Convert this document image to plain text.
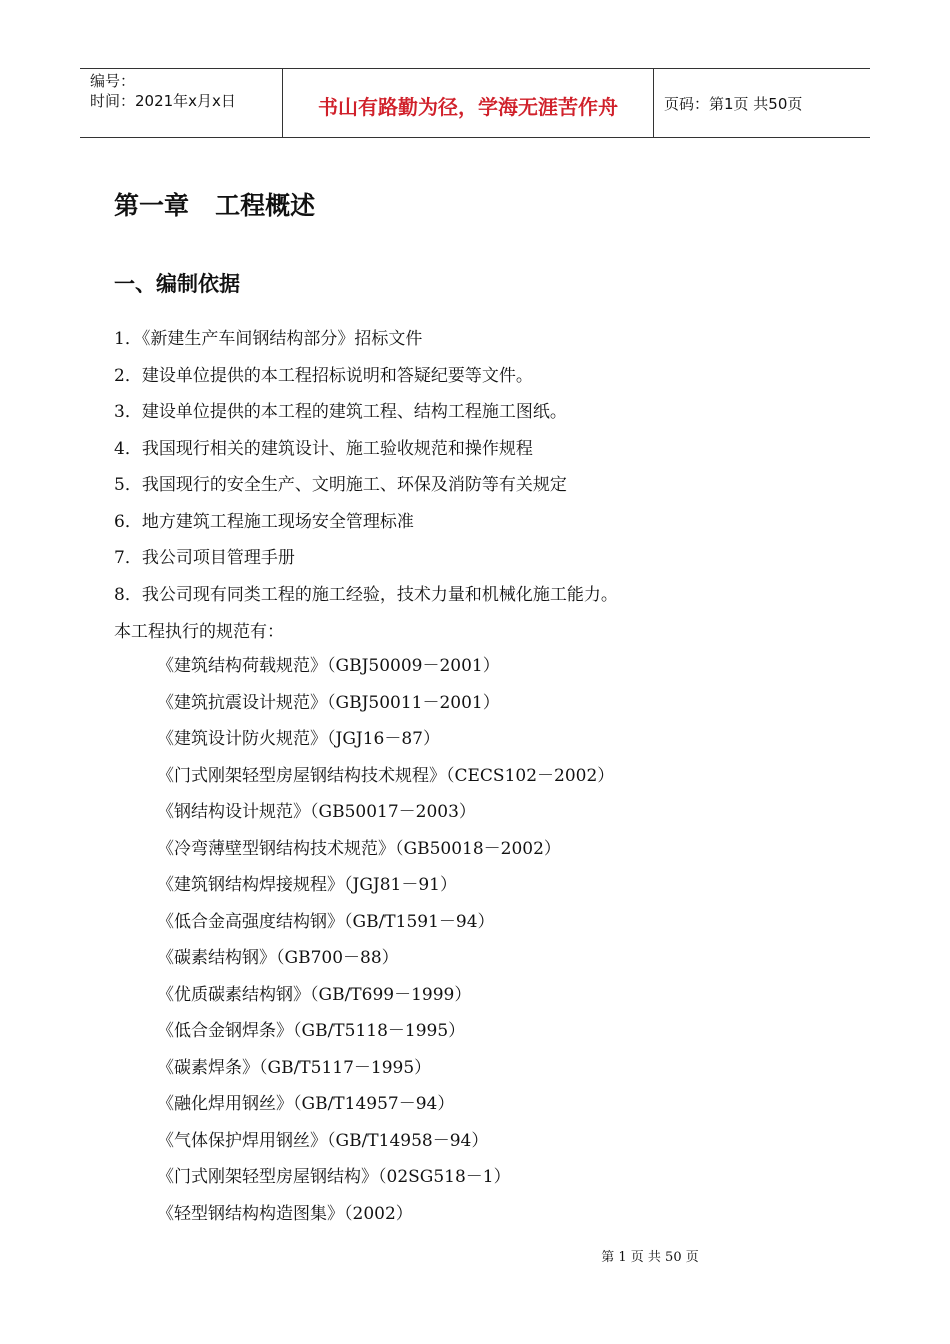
编号：
时间：2021年x月x日	书山有路勤为径，学海无涯苦作舟	页码：第1页 共50页
第一章   工程概述
一、编制依据
1．《新建生产车间钢结构部分》招标文件
2．建设单位提供的本工程招标说明和答疑纪要等文件。
3．建设单位提供的本工程的建筑工程、结构工程施工图纸。
4．我国现行相关的建筑设计、施工验收规范和操作规程
5．我国现行的安全生产、文明施工、环保及消防等有关规定
6．地方建筑工程施工现场安全管理标准
7．我公司项目管理手册
8．我公司现有同类工程的施工经验，技术力量和机械化施工能力。
本工程执行的规范有：
《建筑结构荷载规范》（GBJ50009－2001）
《建筑抗震设计规范》（GBJ50011－2001）
《建筑设计防火规范》（JGJ16－87）
《门式刚架轻型房屋钢结构技术规程》（CECS102－2002）
《钢结构设计规范》（GB50017－2003）
《冷弯薄壁型钢结构技术规范》（GB50018－2002）
《建筑钢结构焊接规程》（JGJ81－91）
《低合金高强度结构钢》（GB/T1591－94）
《碳素结构钢》（GB700－88）
《优质碳素结构钢》（GB/T699－1999）
《低合金钢焊条》（GB/T5118－1995）
《碳素焊条》（GB/T5117－1995）
《融化焊用钢丝》（GB/T14957－94）
《气体保护焊用钢丝》（GB/T14958－94）
《门式刚架轻型房屋钢结构》（02SG518－1）
《轻型钢结构构造图集》（2002）
第 1 页 共 50 页
